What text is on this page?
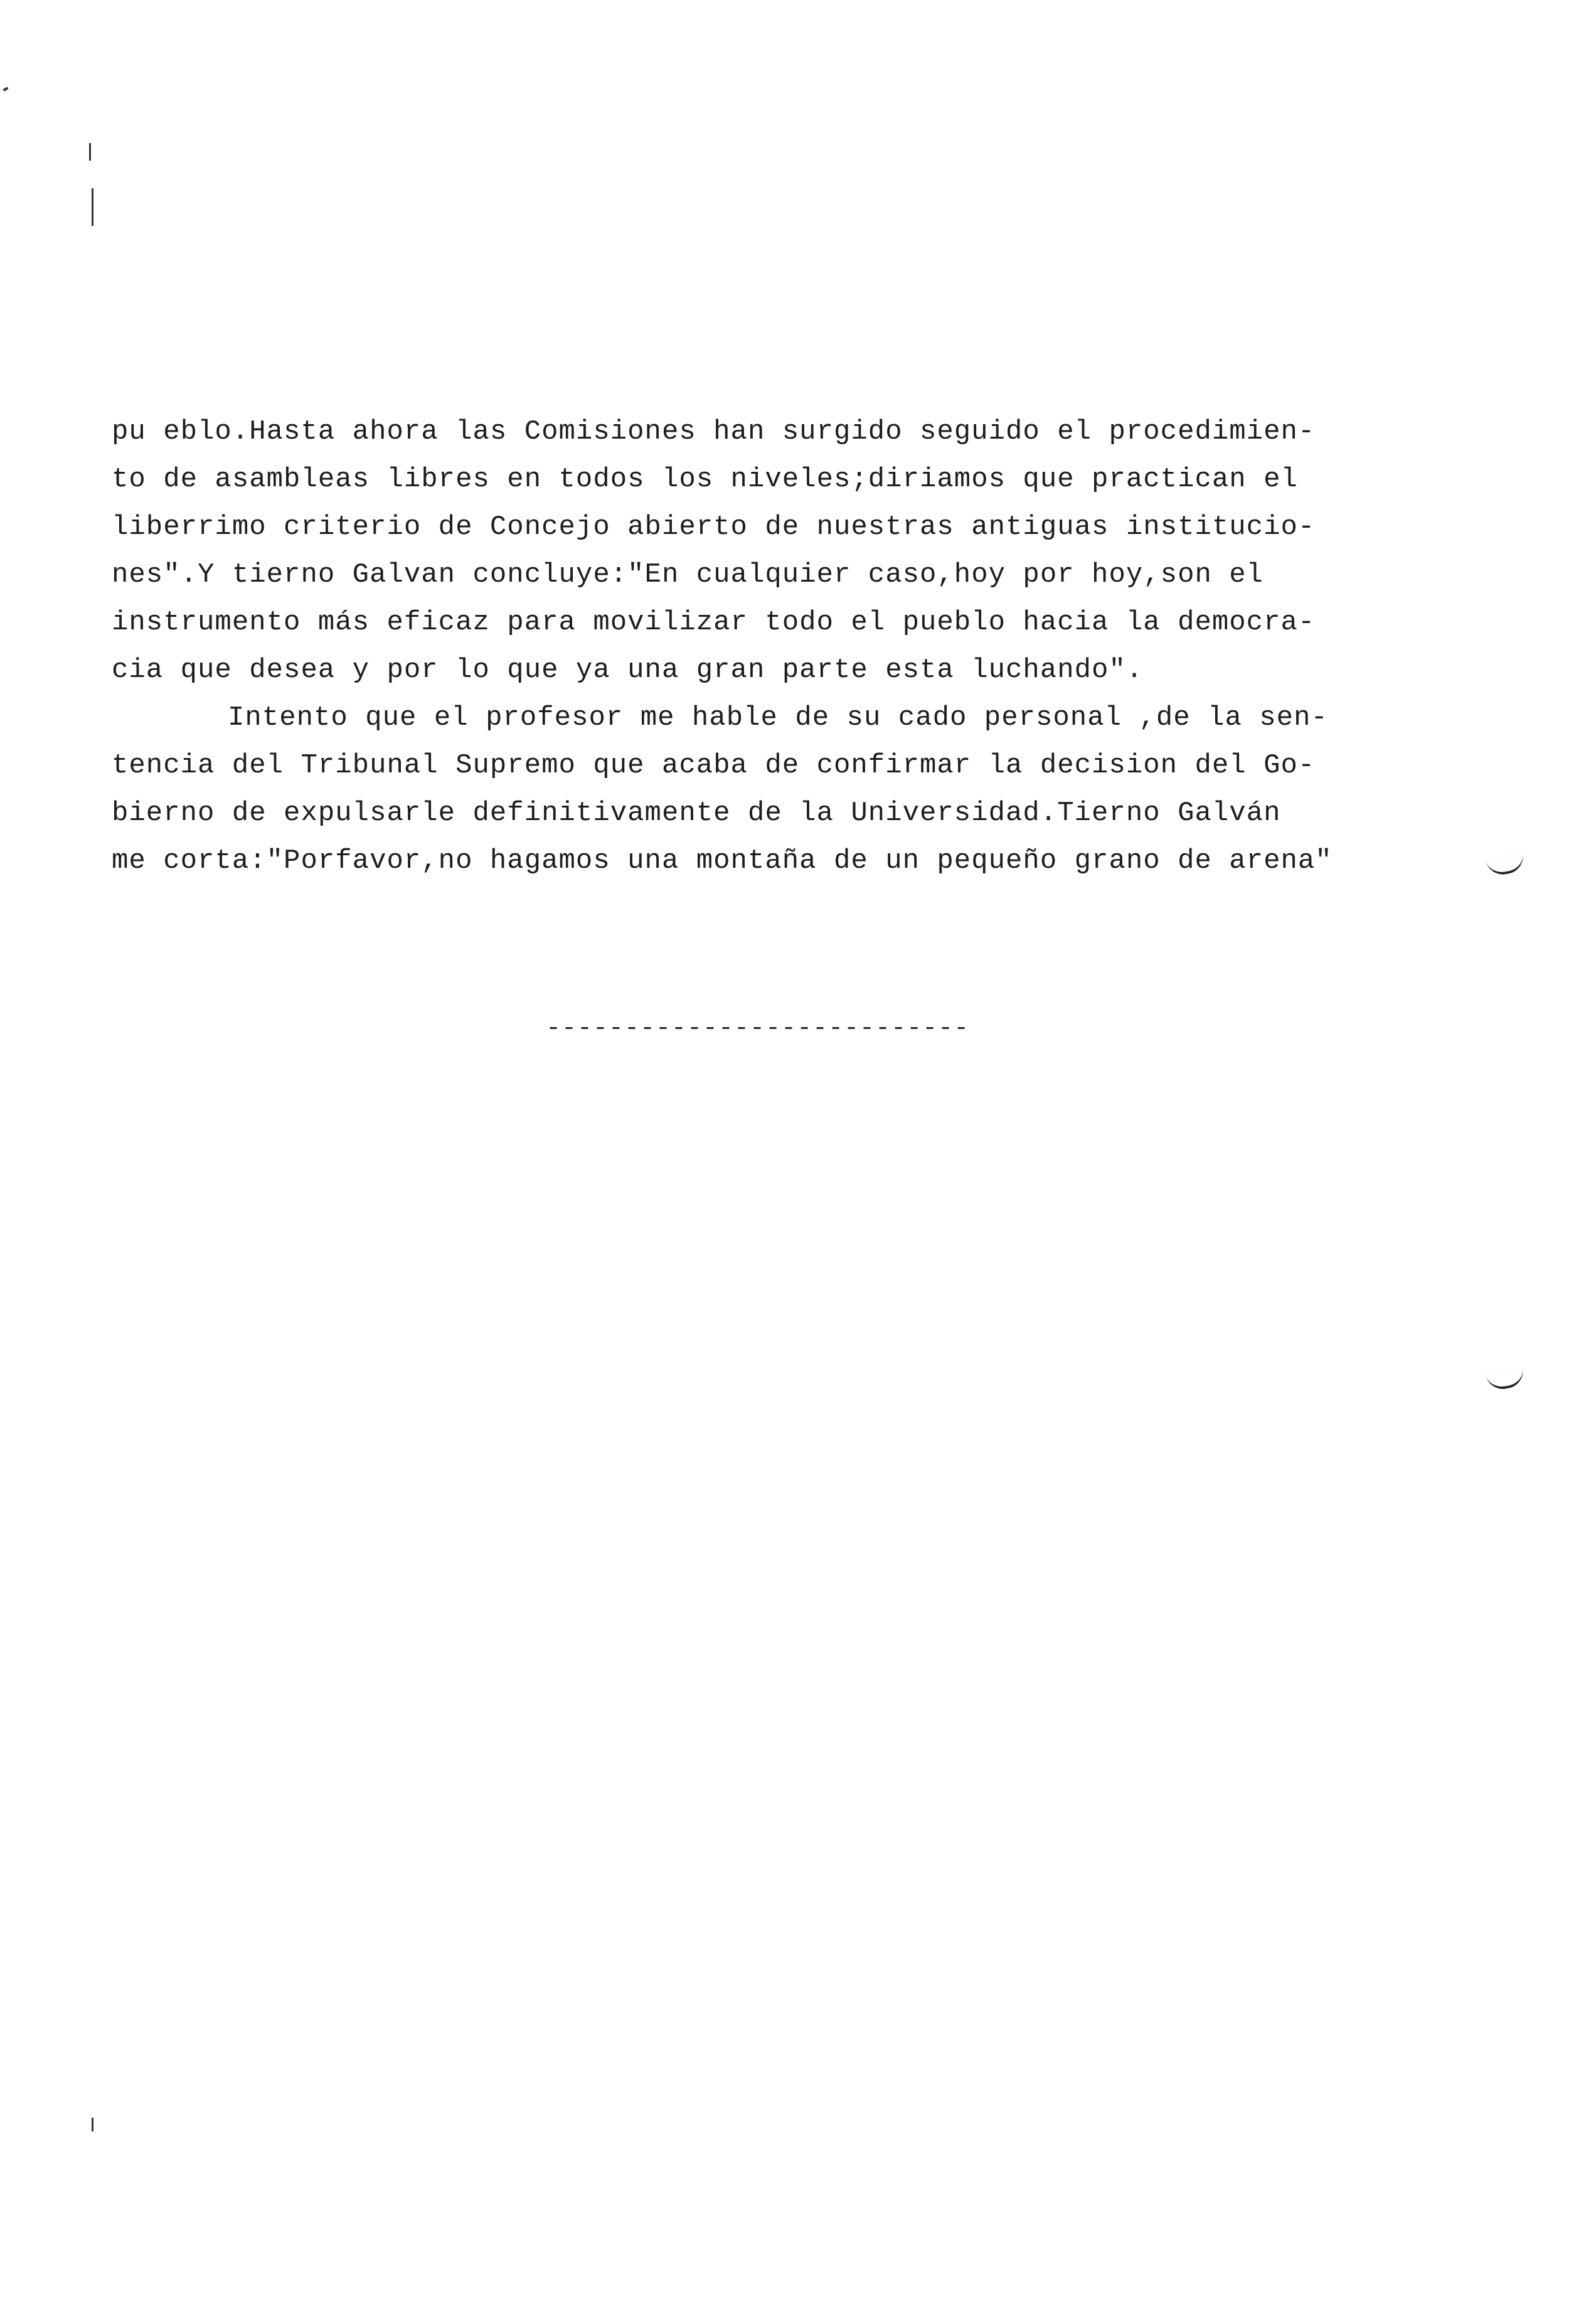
pu eblo.Hasta ahora las Comisiones han surgido seguido el procedimien-
to de asambleas libres en todos los niveles;diriamos que practican el
liberrimo criterio de Concejo abierto de nuestras antiguas institucio-
nes".Y tierno Galvan concluye:"En cualquier caso,hoy por hoy,son el
instrumento más eficaz para movilizar todo el pueblo hacia la democra-
cia que desea y por lo que ya una gran parte esta luchando".
Intento que el profesor me hable de su cado personal ,de la sen-
tencia del Tribunal Supremo que acaba de confirmar la decision del Go-
bierno de expulsarle definitivamente de la Universidad.Tierno Galván
me corta:"Porfavor,no hagamos una montaña de un pequeño grano de arena"
---------------------------
